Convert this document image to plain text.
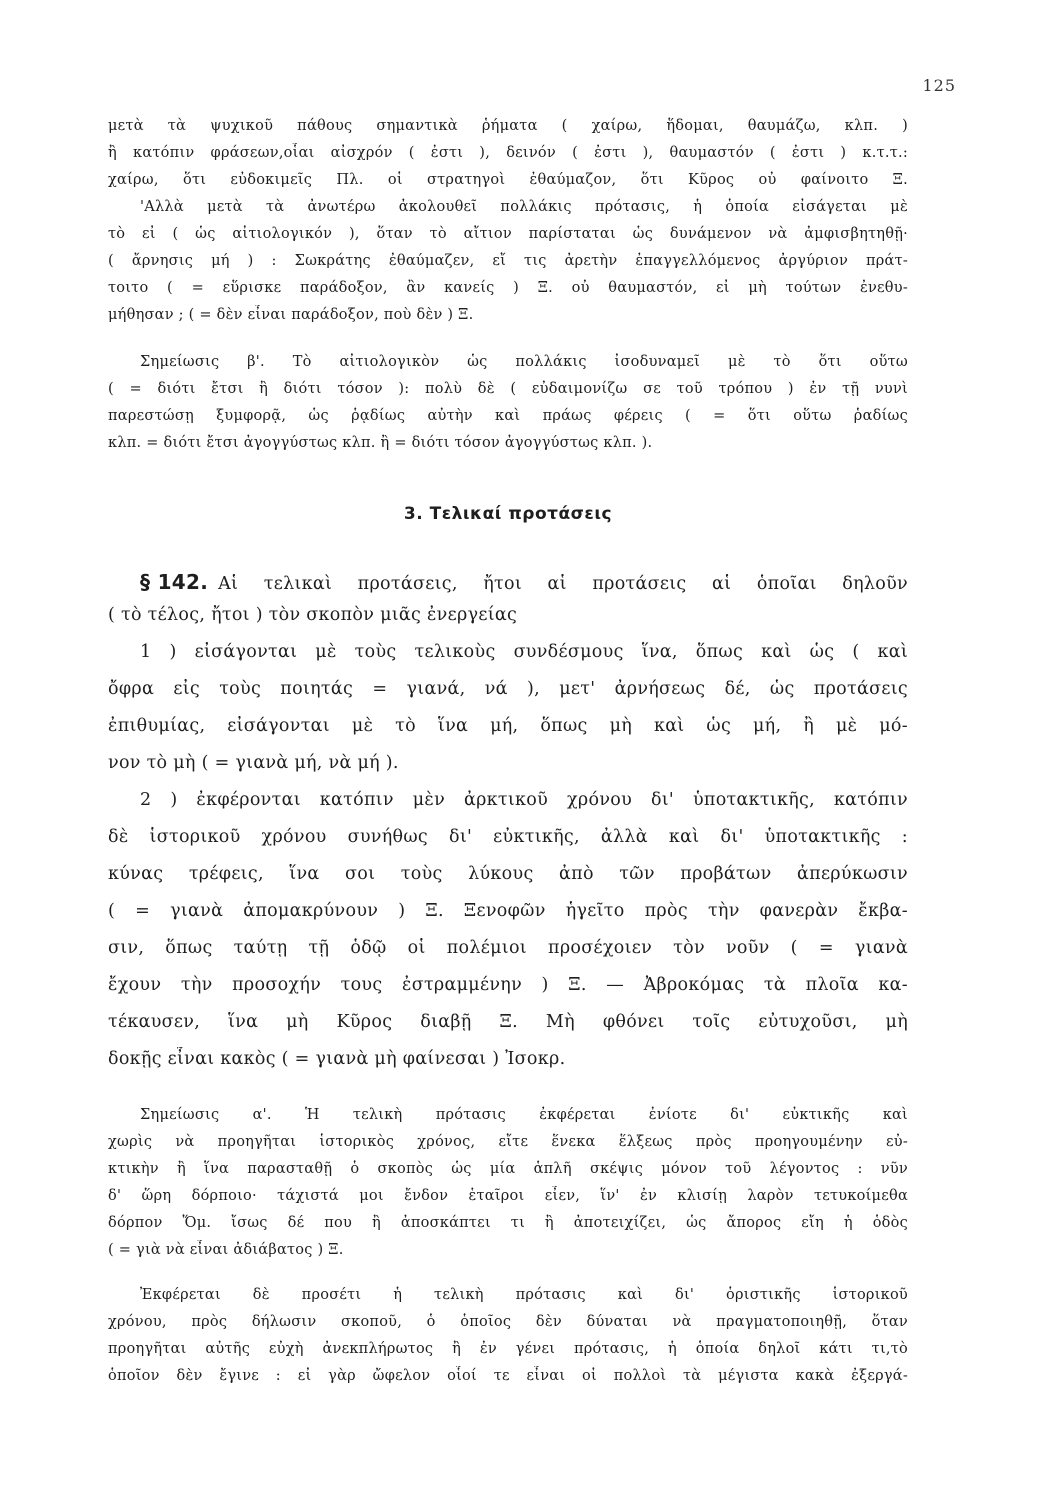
125
μετὰ τὰ ψυχικοῦ πάθους σημαντικὰ ῥήματα ( χαίρω, ἥδομαι, θαυμάζω, κλπ. )
ἢ κατόπιν φράσεων,οἷαι αἰσχρόν ( ἐστι ), δεινόν ( ἐστι ), θαυμαστόν ( ἐστι ) κ.τ.τ.:
χαίρω, ὅτι εὐδοκιμεῖς Πλ. οἱ στρατηγοὶ ἐθαύμαζον, ὅτι Κῦρος οὐ φαίνοιτο Ξ.
'Αλλὰ μετὰ τὰ ἀνωτέρω ἀκολουθεῖ πολλάκις πρότασις, ἡ ὁποία εἰσάγεται μὲ
τὸ εἰ ( ὡς αἰτιολογικόν ), ὅταν τὸ αἴτιον παρίσταται ὡς δυνάμενον νὰ ἀμφισβητηθῇ·
( ἄρνησις μή ) : Σωκράτης ἐθαύμαζεν, εἴ τις ἀρετὴν ἐπαγγελλόμενος ἀργύριον πράτ-
τοιτο ( = εὕρισκε παράδοξον, ἂν κανείς ) Ξ. οὐ θαυμαστόν, εἰ μὴ τούτων ἐνεθυ-
μήθησαν ; ( = δὲν εἶναι παράδοξον, ποὺ δὲν ) Ξ.
Σημείωσις β'. Τὸ αἰτιολογικὸν ὡς πολλάκις ἰσοδυναμεῖ μὲ τὸ ὅτι οὕτω
( = διότι ἔτσι ἢ διότι τόσον ): πολὺ δὲ ( εὐδαιμονίζω σε τοῦ τρόπου ) ἐν τῇ νυνὶ
παρεστώσῃ ξυμφορᾷ, ὡς ῥᾳδίως αὐτὴν καὶ πράως φέρεις ( = ὅτι οὕτω ῥαδίως
κλπ. = διότι ἔτσι ἀγογγύστως κλπ. ἢ = διότι τόσον ἀγογγύστως κλπ. ).
3. Τελικαί προτάσεις
§ 142. Αἱ τελικαὶ προτάσεις, ἤτοι αἱ προτάσεις αἱ ὁποῖαι δηλοῦν
( τὸ τέλος, ἤτοι ) τὸν σκοπὸν μιᾶς ἐνεργείας
1 ) εἰσάγονται μὲ τοὺς τελικοὺς συνδέσμους ἵνα, ὅπως καὶ ὡς ( καὶ
ὄφρα εἰς τοὺς ποιητάς = γιανά, νά ), μετ' ἀρνήσεως δέ, ὡς προτάσεις
ἐπιθυμίας, εἰσάγονται μὲ τὸ ἵνα μή, ὅπως μὴ καὶ ὡς μή, ἢ μὲ μό-
νον τὸ μὴ ( = γιανὰ μή, νὰ μή ).
2 ) ἐκφέρονται κατόπιν μὲν ἀρκτικοῦ χρόνου δι' ὑποτακτικῆς, κατόπιν
δὲ ἱστορικοῦ χρόνου συνήθως δι' εὐκτικῆς, ἀλλὰ καὶ δι' ὑποτακτικῆς :
κύνας τρέφεις, ἵνα σοι τοὺς λύκους ἀπὸ τῶν προβάτων ἀπερύκωσιν
( = γιανὰ ἀπομακρύνουν ) Ξ. Ξενοφῶν ἡγεῖτο πρὸς τὴν φανερὰν ἔκβα-
σιν, ὅπως ταύτῃ τῇ ὁδῷ οἱ πολέμιοι προσέχοιεν τὸν νοῦν ( = γιανὰ
ἔχουν τὴν προσοχήν τους ἐστραμμένην ) Ξ. — Ἀβροκόμας τὰ πλοῖα κα-
τέκαυσεν, ἵνα μὴ Κῦρος διαβῇ Ξ. Μὴ φθόνει τοῖς εὐτυχοῦσι, μὴ
δοκῇς εἶναι κακὸς ( = γιανὰ μὴ φαίνεσαι ) Ἰσοκρ.
Σημείωσις α'. Ἡ τελικὴ πρότασις ἐκφέρεται ἐνίοτε δι' εὐκτικῆς καὶ
χωρὶς νὰ προηγῆται ἱστορικὸς χρόνος, εἴτε ἕνεκα ἕλξεως πρὸς προηγουμένην εὐ-
κτικὴν ἢ ἵνα παρασταθῇ ὁ σκοπὸς ὡς μία ἁπλῆ σκέψις μόνον τοῦ λέγοντος : νῦν
δ' ὥρη δόρποιο· τάχιστά μοι ἔνδον ἑταῖροι εἶεν, ἵν' ἐν κλισίῃ λαρὸν τετυκοίμεθα
δόρπον Ὅμ. ἴσως δέ που ἢ ἀποσκάπτει τι ἢ ἀποτειχίζει, ὡς ἄπορος εἴη ἡ ὁδὸς
( = γιὰ νὰ εἶναι ἀδιάβατος ) Ξ.
Ἐκφέρεται δὲ προσέτι ἡ τελικὴ πρότασις καὶ δι' ὁριστικῆς ἱστορικοῦ
χρόνου, πρὸς δήλωσιν σκοποῦ, ὁ ὁποῖος δὲν δύναται νὰ πραγματοποιηθῇ, ὅταν
προηγῆται αὐτῆς εὐχὴ ἀνεκπλήρωτος ἢ ἐν γένει πρότασις, ἡ ὁποία δηλοῖ κάτι τι,τὸ
ὁποῖον δὲν ἔγινε : εἰ γὰρ ὤφελον οἷοί τε εἶναι οἱ πολλοὶ τὰ μέγιστα κακὰ ἐξεργά-
